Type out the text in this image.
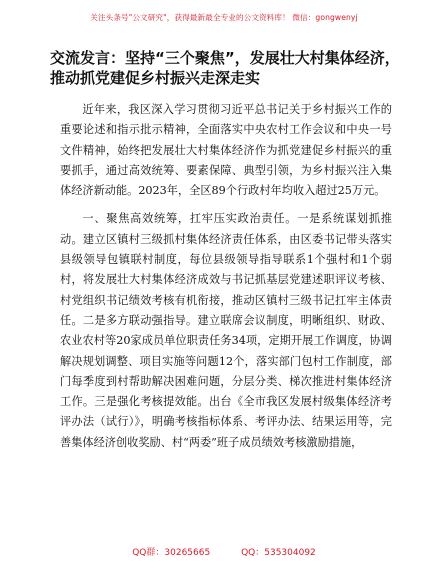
关注头条号"公文研究"，获得最新最全专业的公文资料库！ 微信：gongwenyj
交流发言：坚持“三个聚焦”，发展壮大村集体经济，推动抓党建促乡村振兴走深走实

近年来，我区深入学习贯彻习近平总书记关于乡村振兴工作的重要论述和指示批示精神，全面落实中央农村工作会议和中央一号文件精神，始终把发展壮大村集体经济作为抓党建促乡村振兴的重要抓手，通过高效统筹、要素保障、典型引领，为乡村振兴注入集体经济新动能。2023年，全区89个行政村年均收入超过25万元。

一、聚焦高效统筹，扛牢压实政治责任。一是系统谋划抓推动。建立区镇村三级抓村集体经济责任体系，由区委书记带头落实县级领导包镇联村制度，每位县级领导指导联系1个强村和1个弱村，将发展壮大村集体经济成效与书记抓基层党建述职评议考核、村党组织书记绩效考核有机衔接，推动区镇村三级书记扛牢主体责任。二是多方联动强指导。建立联席会议制度，明晰组织、财政、农业农村等20家成员单位职责任务34项，定期开展工作调度，协调解决规划调整、项目实施等问题12个，落实部门包村工作制度，部门每季度到村帮助解决困难问题，分层分类、梯次推进村集体经济工作。三是强化考核提效能。出台《全市我区发展村级集体经济考评办法（试行）》，明确考核指标体系、考评办法、结果运用等，完善集体经济创收奖励、村“两委”班子成员绩效考核激励措施，

QQ群：30265665	QQ：535304092
